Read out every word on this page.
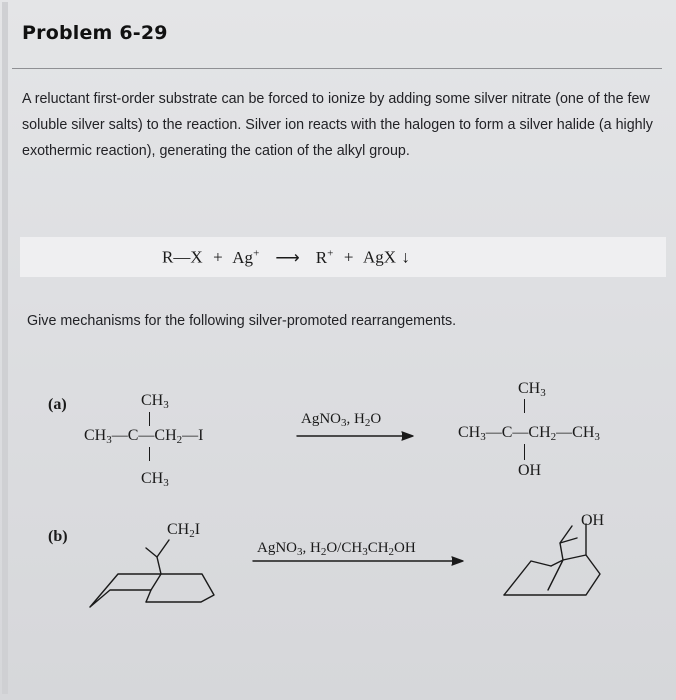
Problem 6-29

A reluctant first-order substrate can be forced to ionize by adding some silver nitrate (one of the few soluble silver salts) to the reaction. Silver ion reacts with the halogen to form a silver halide (a highly exothermic reaction), generating the cation of the alkyl group.

R—X + Ag+ ⟶ R+ + AgX ↓

Give mechanisms for the following silver-promoted rearrangements.

(a)	$CH_3$
$CH_3—C—CH_2—I$
$CH_3$
AgNO$_3$, $H_2O$
$CH_3$
$CH_3—C—CH_2—CH_3$
OH
(b)	$CH_2I$
AgNO$_3$, $H_2O/CH_3CH_2OH$
OH
